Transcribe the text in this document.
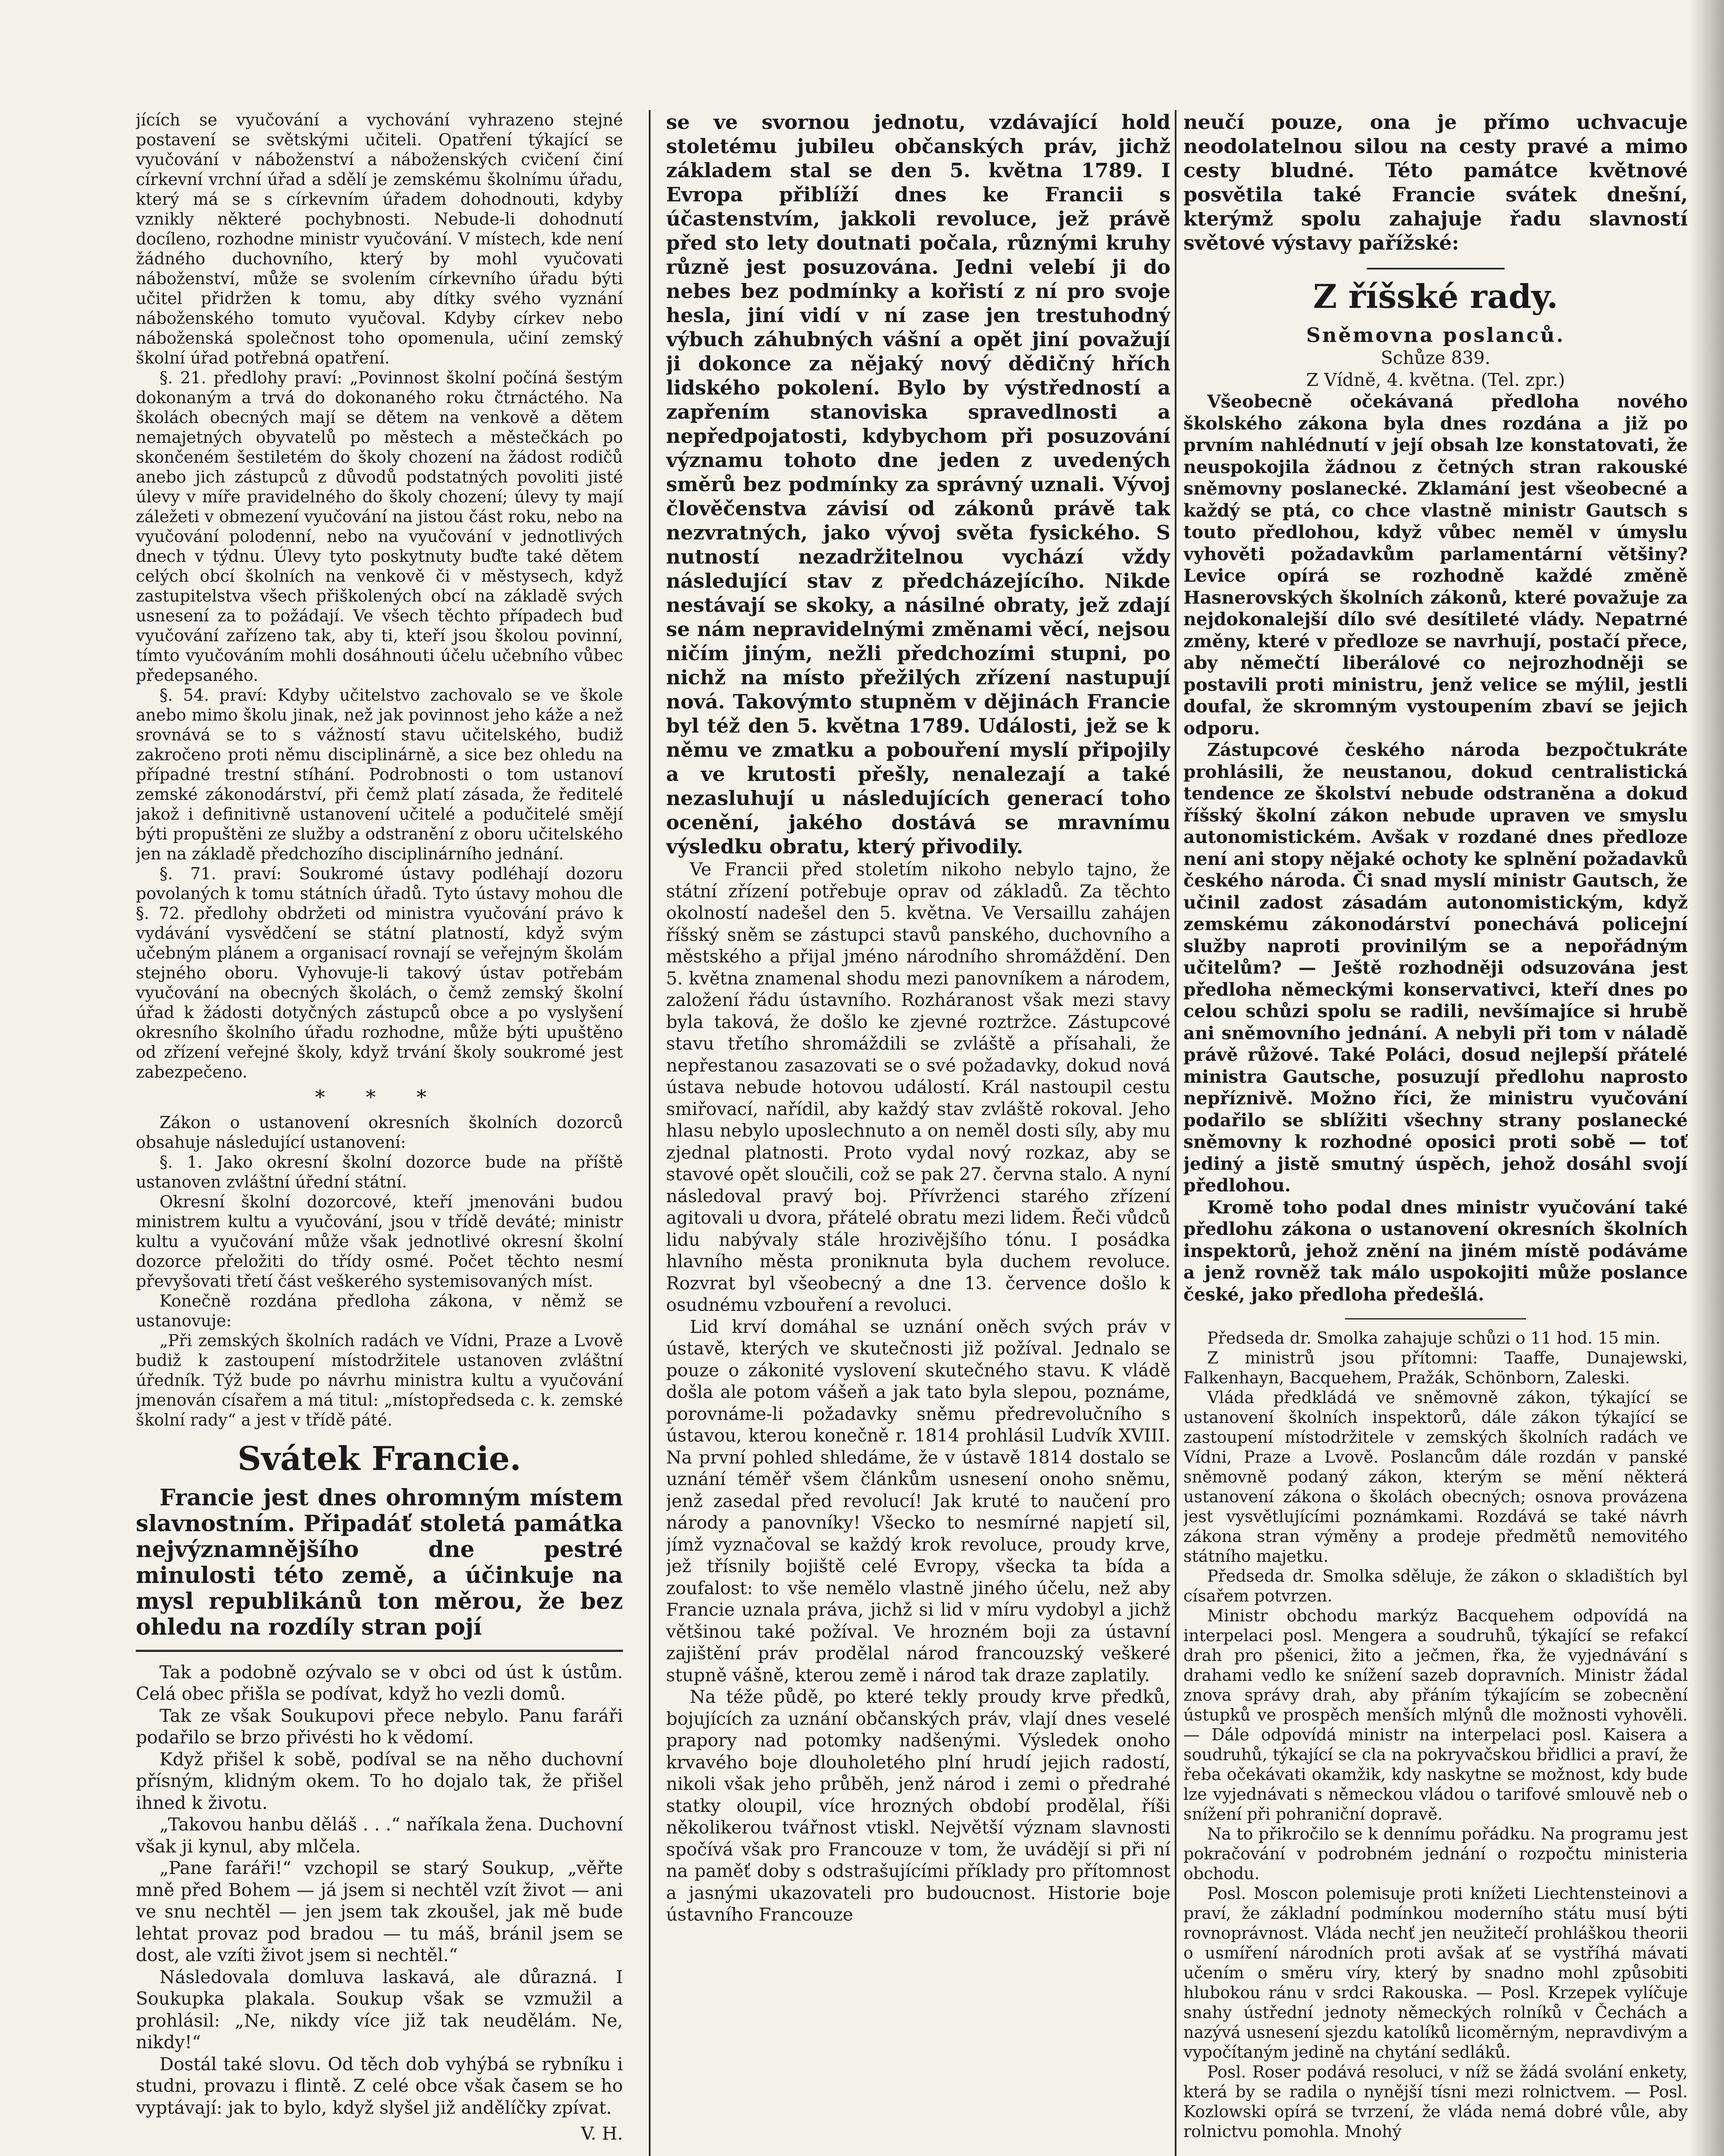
jících se vyučování a vychování vyhrazeno stejné postavení se světskými učiteli. Opatření týkající se vyučování v náboženství a náboženských cvičení činí církevní vrchní úřad a sdělí je zemskému školnímu úřadu, který má se s církevním úřadem dohodnouti, kdyby vznikly některé pochybnosti. Nebude-li dohodnutí docíleno, rozhodne ministr vyučování. V místech, kde není žádného duchovního, který by mohl vyučovati náboženství, může se svolením církevního úřadu býti učitel přidržen k tomu, aby dítky svého vyznání náboženského tomuto vyučoval. Kdyby církev nebo náboženská společnost toho opomenula, učiní zemský školní úřad potřebná opatření.

§. 21. předlohy praví: „Povinnost školní počíná šestým dokonaným a trvá do dokonaného roku čtrnáctého. Na školách obecných mají se dětem na venkově a dětem nemajetných obyvatelů po městech a městečkách po skončeném šestiletém do školy chození na žádost rodičů anebo jich zástupců z důvodů podstatných povoliti jisté úlevy v míře pravidelného do školy chození; úlevy ty mají záležeti v obmezení vyučování na jistou část roku, nebo na vyučování polodenní, nebo na vyučování v jednotlivých dnech v týdnu. Úlevy tyto poskytnuty buďte také dětem celých obcí školních na venkově či v městysech, když zastupitelstva všech přiškolených obcí na základě svých usnesení za to požádají. Ve všech těchto případech buď vyučování zařízeno tak, aby ti, kteří jsou školou povinní, tímto vyučováním mohli dosáhnouti účelu učebního vůbec předepsaného.

§. 54. praví: Kdyby učitelstvo zachovalo se ve škole anebo mimo školu jinak, než jak povinnost jeho káže a než srovnává se to s vážností stavu učitelského, budiž zakročeno proti němu disciplinárně, a sice bez ohledu na případné trestní stíhání. Podrobnosti o tom ustanoví zemské zákonodárství, při čemž platí zásada, že ředitelé jakož i definitivně ustanovení učitelé a podučitelé smějí býti propuštěni ze služby a odstranění z oboru učitelského jen na základě předchozího disciplinárního jednání.

§. 71. praví: Soukromé ústavy podléhají dozoru povolaných k tomu státních úřadů. Tyto ústavy mohou dle §. 72. předlohy obdržeti od ministra vyučování právo k vydávání vysvědčení se státní platností, když svým učebným plánem a organisací rovnají se veřejným školám stejného oboru. Vyhovuje-li takový ústav potřebám vyučování na obecných školách, o čemž zemský školní úřad k žádosti dotyčných zástupců obce a po vyslyšení okresního školního úřadu rozhodne, může býti upuštěno od zřízení veřejné školy, když trvání školy soukromé jest zabezpečeno.

* * *

Zákon o ustanovení okresních školních dozorců obsahuje následující ustanovení:

§. 1. Jako okresní školní dozorce bude na příště ustanoven zvláštní úřední státní.

Okresní školní dozorcové, kteří jmenováni budou ministrem kultu a vyučování, jsou v třídě deváté; ministr kultu a vyučování může však jednotlivé okresní školní dozorce přeložiti do třídy osmé. Počet těchto nesmí převyšovati třetí část veškerého systemisovaných míst.

Konečně rozdána předloha zákona, v němž se ustanovuje:

„Při zemských školních radách ve Vídni, Praze a Lvově budiž k zastoupení místodržitele ustanoven zvláštní úředník. Týž bude po návrhu ministra kultu a vyučování jmenován císařem a má titul: „místopředseda c. k. zemské školní rady“ a jest v třídě páté.

Svátek Francie.

Francie jest dnes ohromným místem slavnostním. Připadáť stoletá památka nejvýznamnějšího dne pestré minulosti této země, a účinkuje na mysl republikánů ton měrou, že bez ohledu na rozdíly stran pojí

Tak a podobně ozývalo se v obci od úst k ústům. Celá obec přišla se podívat, když ho vezli domů.

Tak ze však Soukupovi přece nebylo. Panu faráři podařilo se brzo přivésti ho k vědomí.

Když přišel k sobě, podíval se na něho duchovní přísným, klidným okem. To ho dojalo tak, že přišel ihned k životu.

„Takovou hanbu děláš . . .“ naříkala žena. Duchovní však ji kynul, aby mlčela.

„Pane faráři!“ vzchopil se starý Soukup, „věřte mně před Bohem — já jsem si nechtěl vzít život — ani ve snu nechtěl — jen jsem tak zkoušel, jak mě bude lehtat provaz pod bradou — tu máš, bránil jsem se dost, ale vzíti život jsem si nechtěl.“

Následovala domluva laskavá, ale důrazná. I Soukupka plakala. Soukup však se vzmužil a prohlásil: „Ne, nikdy více již tak neudělám. Ne, nikdy!“

Dostál také slovu. Od těch dob vyhýbá se rybníku i studni, provazu i flintě. Z celé obce však časem se ho vyptávají: jak to bylo, když slyšel již andělíčky zpívat.

V. H.

se ve svornou jednotu, vzdávající hold stoletému jubileu občanských práv, jichž základem stal se den 5. května 1789. I Evropa přiblíží dnes ke Francii s účastenstvím, jakkoli revoluce, jež právě před sto lety doutnati počala, různými kruhy různě jest posuzována. Jedni velebí ji do nebes bez podmínky a kořistí z ní pro svoje hesla, jiní vidí v ní zase jen trestuhodný výbuch záhubných vášní a opět jiní považují ji dokonce za nějaký nový dědičný hřích lidského pokolení. Bylo by výstředností a zapřením stanoviska spravedlnosti a nepředpojatosti, kdybychom při posuzování významu tohoto dne jeden z uvedených směrů bez podmínky za správný uznali. Vývoj člověčenstva závisí od zákonů právě tak nezvratných, jako vývoj světa fysického. S nutností nezadržitelnou vychází vždy následující stav z předcházejícího. Nikde nestávají se skoky, a násilné obraty, jež zdají se nám nepravidelnými změnami věcí, nejsou ničím jiným, nežli předchozími stupni, po nichž na místo přežilých zřízení nastupují nová. Takovýmto stupněm v dějinách Francie byl též den 5. května 1789. Události, jež se k němu ve zmatku a pobouření myslí připojily a ve krutosti přešly, nenalezají a také nezasluhují u následujících generací toho ocenění, jakého dostává se mravnímu výsledku obratu, který přivodily.

Ve Francii před stoletím nikoho nebylo tajno, že státní zřízení potřebuje oprav od základů. Za těchto okolností nadešel den 5. května. Ve Versaillu zahájen říšský sněm se zástupci stavů panského, duchovního a městského a přijal jméno národního shromáždění. Den 5. května znamenal shodu mezi panovníkem a národem, založení řádu ústavního. Rozháranost však mezi stavy byla taková, že došlo ke zjevné roztržce. Zástupcové stavu třetího shromáždili se zvláště a přísahali, že nepřestanou zasazovati se o své požadavky, dokud nová ústava nebude hotovou událostí. Král nastoupil cestu smiřovací, nařídil, aby každý stav zvláště rokoval. Jeho hlasu nebylo uposlechnuto a on neměl dosti síly, aby mu zjednal platnosti. Proto vydal nový rozkaz, aby se stavové opět sloučili, což se pak 27. června stalo. A nyní následoval pravý boj. Přívrženci starého zřízení agitovali u dvora, přátelé obratu mezi lidem. Řeči vůdců lidu nabývaly stále hrozivějšího tónu. I posádka hlavního města proniknuta byla duchem revoluce. Rozvrat byl všeobecný a dne 13. července došlo k osudnému vzbouření a revoluci.

Lid krví domáhal se uznání oněch svých práv v ústavě, kterých ve skutečnosti již požíval. Jednalo se pouze o zákonité vyslovení skutečného stavu. K vládě došla ale potom vášeň a jak tato byla slepou, poznáme, porovnáme-li požadavky sněmu předrevolučního s ústavou, kterou konečně r. 1814 prohlásil Ludvík XVIII. Na první pohled shledáme, že v ústavě 1814 dostalo se uznání téměř všem článkům usnesení onoho sněmu, jenž zasedal před revolucí! Jak kruté to naučení pro národy a panovníky! Všecko to nesmírné napjetí sil, jímž vyznačoval se každý krok revoluce, proudy krve, jež třísnily bojiště celé Evropy, všecka ta bída a zoufalost: to vše nemělo vlastně jiného účelu, než aby Francie uznala práva, jichž si lid v míru vydobyl a jichž většinou také požíval. Ve hrozném boji za ústavní zajištění práv prodělal národ francouzský veškeré stupně vášně, kterou země i národ tak draze zaplatily.

Na téže půdě, po které tekly proudy krve předků, bojujících za uznání občanských práv, vlají dnes veselé prapory nad potomky nadšenými. Výsledek onoho krvavého boje dlouholetého plní hrudí jejich radostí, nikoli však jeho průběh, jenž národ i zemi o předrahé statky oloupil, více hrozných období prodělal, říši několikerou tvářnost vtiskl. Největší význam slavnosti spočívá však pro Francouze v tom, že uvádějí si při ní na paměť doby s odstrašujícími příklady pro přítomnost a jasnými ukazovateli pro budoucnost. Historie boje ústavního Francouze

neučí pouze, ona je přímo uchvacuje neodolatelnou silou na cesty pravé a mimo cesty bludné. Této památce květnové posvětila také Francie svátek dnešní, kterýmž spolu zahajuje řadu slavností světové výstavy pařížské:

Z říšské rady.
Sněmovna poslanců.

Schůze 839.

Z Vídně, 4. května. (Tel. zpr.)

Všeobecně očekávaná předloha nového školského zákona byla dnes rozdána a již po prvním nahlédnutí v její obsah lze konstatovati, že neuspokojila žádnou z četných stran rakouské sněmovny poslanecké. Zklamání jest všeobecné a každý se ptá, co chce vlastně ministr Gautsch s touto předlohou, když vůbec neměl v úmyslu vyhověti požadavkům parlamentární většiny? Levice opírá se rozhodně každé změně Hasnerovských školních zákonů, které považuje za nejdokonalejší dílo své desítileté vlády. Nepatrné změny, které v předloze se navrhují, postačí přece, aby němečtí liberálové co nejrozhodněji se postavili proti ministru, jenž velice se mýlil, jestli doufal, že skromným vystoupením zbaví se jejich odporu.

Zástupcové českého národa bezpočtukráte prohlásili, že neustanou, dokud centralistická tendence ze školství nebude odstraněna a dokud říšský školní zákon nebude upraven ve smyslu autonomistickém. Avšak v rozdané dnes předloze není ani stopy nějaké ochoty ke splnění požadavků českého národa. Či snad myslí ministr Gautsch, že učinil zadost zásadám autonomistickým, když zemskému zákonodárství ponechává policejní služby naproti provinilým se a nepořádným učitelům? — Ještě rozhodněji odsuzována jest předloha německými konservativci, kteří dnes po celou schůzi spolu se radili, nevšímajíce si hrubě ani sněmovního jednání. A nebyli při tom v náladě právě růžové. Také Poláci, dosud nejlepší přátelé ministra Gautsche, posuzují předlohu naprosto nepříznivě. Možno říci, že ministru vyučování podařilo se sblížiti všechny strany poslanecké sněmovny k rozhodné oposici proti sobě — toť jediný a jistě smutný úspěch, jehož dosáhl svojí předlohou.

Kromě toho podal dnes ministr vyučování také předlohu zákona o ustanovení okresních školních inspektorů, jehož znění na jiném místě podáváme a jenž rovněž tak málo uspokojiti může poslance české, jako předloha předešlá.

Předseda dr. Smolka zahajuje schůzi o 11 hod. 15 min.

Z ministrů jsou přítomni: Taaffe, Dunajewski, Falkenhayn, Bacquehem, Pražák, Schönborn, Zaleski.

Vláda předkládá ve sněmovně zákon, týkající se ustanovení školních inspektorů, dále zákon týkající se zastoupení místodržitele v zemských školních radách ve Vídni, Praze a Lvově. Poslancům dále rozdán v panské sněmovně podaný zákon, kterým se mění některá ustanovení zákona o školách obecných; osnova provázena jest vysvětlujícími poznámkami. Rozdává se také návrh zákona stran výměny a prodeje předmětů nemovitého státního majetku.

Předseda dr. Smolka sděluje, že zákon o skladištích byl císařem potvrzen.

Ministr obchodu markýz Bacquehem odpovídá na interpelaci posl. Mengera a soudruhů, týkající se refakcí drah pro pšenici, žito a ječmen, řka, že vyjednávání s drahami vedlo ke snížení sazeb dopravních. Ministr žádal znova správy drah, aby přáním týkajícím se zobecnění ústupků ve prospěch menších mlýnů dle možnosti vyhověli. — Dále odpovídá ministr na interpelaci posl. Kaisera a soudruhů, týkající se cla na pokryvačskou břidlici a praví, že řeba očekávati okamžik, kdy naskytne se možnost, kdy bude lze vyjednávati s německou vládou o tarifové smlouvě neb o snížení při pohraniční dopravě.

Na to přikročilo se k dennímu pořádku. Na programu jest pokračování v podrobném jednání o rozpočtu ministeria obchodu.

Posl. Moscon polemisuje proti knížeti Liechtensteinovi a praví, že základní podmínkou moderního státu musí býti rovnoprávnost. Vláda nechť jen neužitečí prohláškou theorii o usmíření národních proti avšak ať se vystříhá mávati učením o směru víry, který by snadno mohl způsobiti hlubokou ránu v srdci Rakouska. — Posl. Krzepek vylíčuje snahy ústřední jednoty německých rolníků v Čechách a nazývá usnesení sjezdu katolíků licoměrným, nepravdivým a vypočítaným jedině na chytání sedláků.

Posl. Roser podává resoluci, v níž se žádá svolání enkety, která by se radila o nynější tísni mezi rolnictvem. — Posl. Kozlowski opírá se tvrzení, že vláda nemá dobré vůle, aby rolnictvu pomohla. Mnohý
